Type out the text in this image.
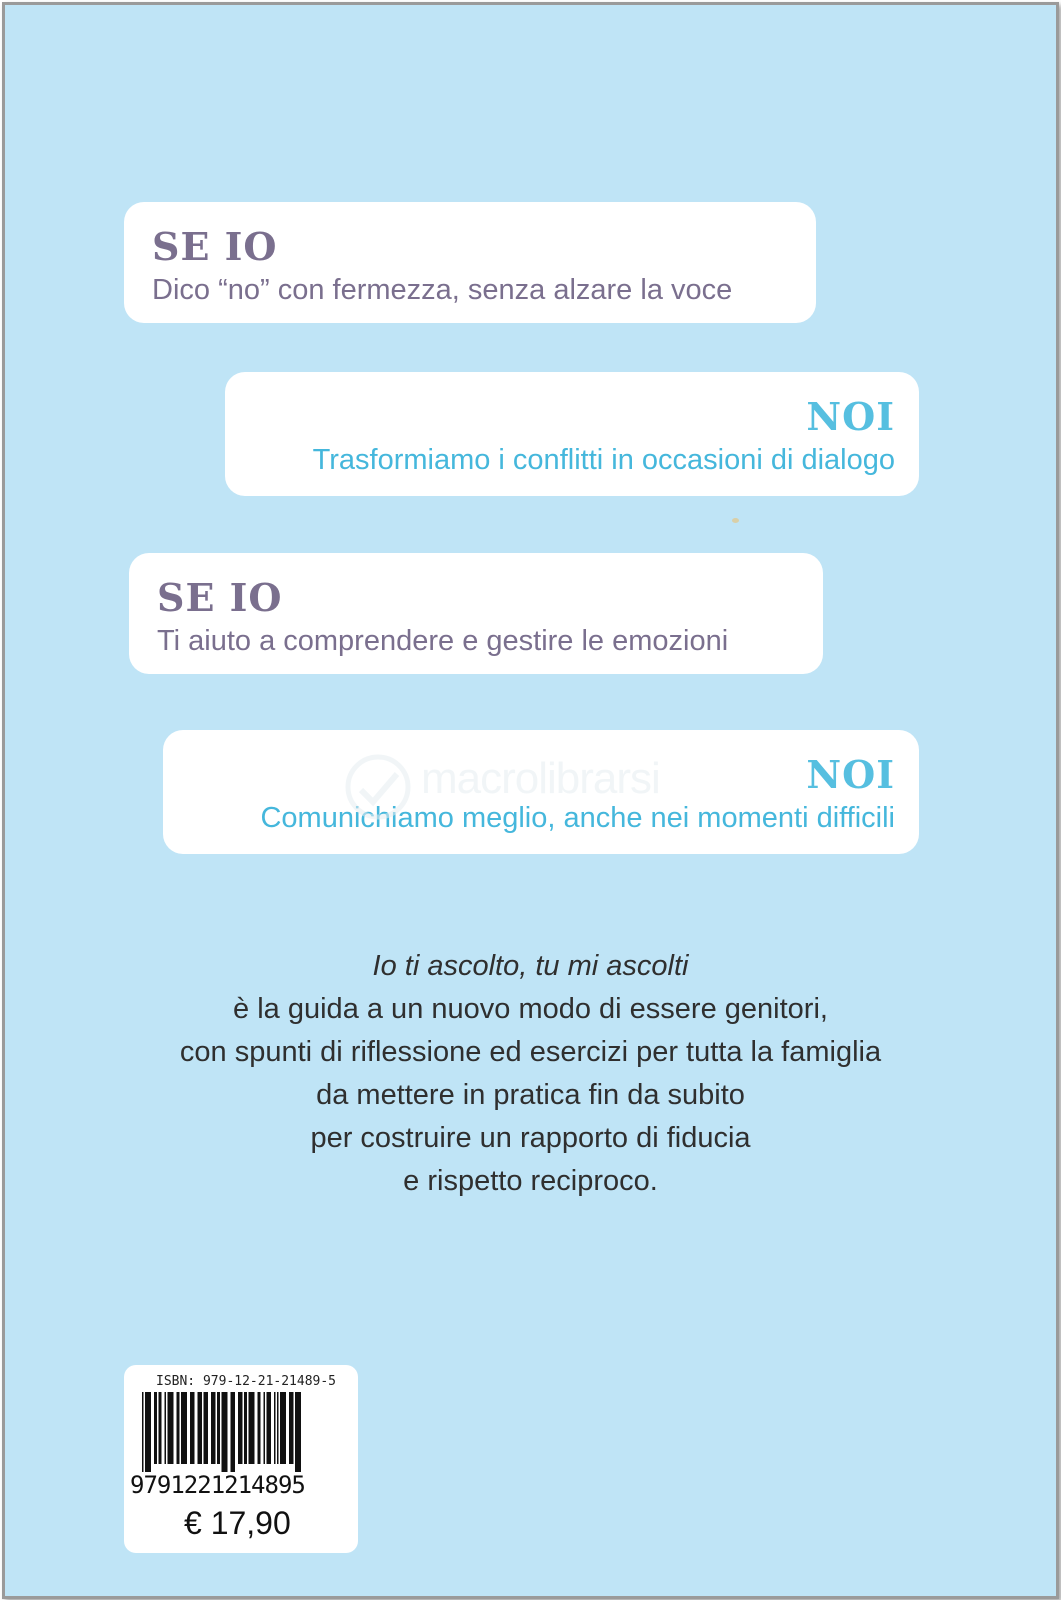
SE IO
Dico “no” con fermezza, senza alzare la voce
NOI
Trasformiamo i conflitti in occasioni di dialogo
SE IO
Ti aiuto a comprendere e gestire le emozioni
NOI
Comunichiamo meglio, anche nei momenti difficili
macrolibrarsi
Io ti ascolto, tu mi ascolti
è la guida a un nuovo modo di essere genitori,
con spunti di riflessione ed esercizi per tutta la famiglia
da mettere in pratica fin da subito
per costruire un rapporto di fiducia
e rispetto reciproco.
ISBN: 979-12-21-21489-5
9791221214895
€ 17,90
